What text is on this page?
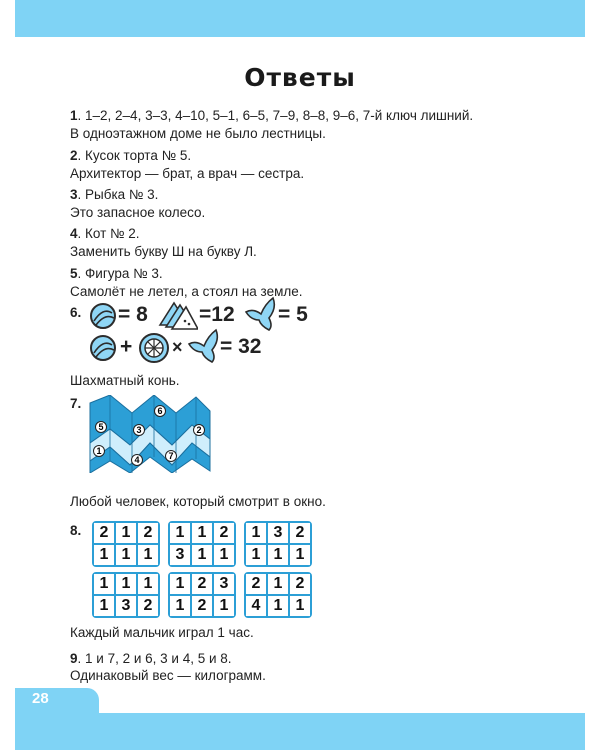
Ответы
1. 1–2, 2–4, 3–3, 4–10, 5–1, 6–5, 7–9, 8–8, 9–6, 7-й ключ лишний.
В одноэтажном доме не было лестницы.
2. Кусок торта № 5.
Архитектор — брат, а врач — сестра.
3. Рыбка № 3.
Это запасное колесо.
4. Кот № 2.
Заменить букву Ш на букву Л.
5. Фигура № 3.
Самолёт не летел, а стоял на земле.
6. = 8 =12 = 5
+ × = 32
Шахматный конь.
7.	6
5	3	2
1
4	7
Любой человек, который смотрит в окно.
8.	2 1 2
1 1 1
1 1 2
3 1 1
1 3 2
1 1 1
1 1 1
1 3 2
1 2 3
1 2 1
2 1 2
4 1 1
Каждый мальчик играл 1 час.
9. 1 и 7, 2 и 6, 3 и 4, 5 и 8.
Одинаковый вес — килограмм.
28
